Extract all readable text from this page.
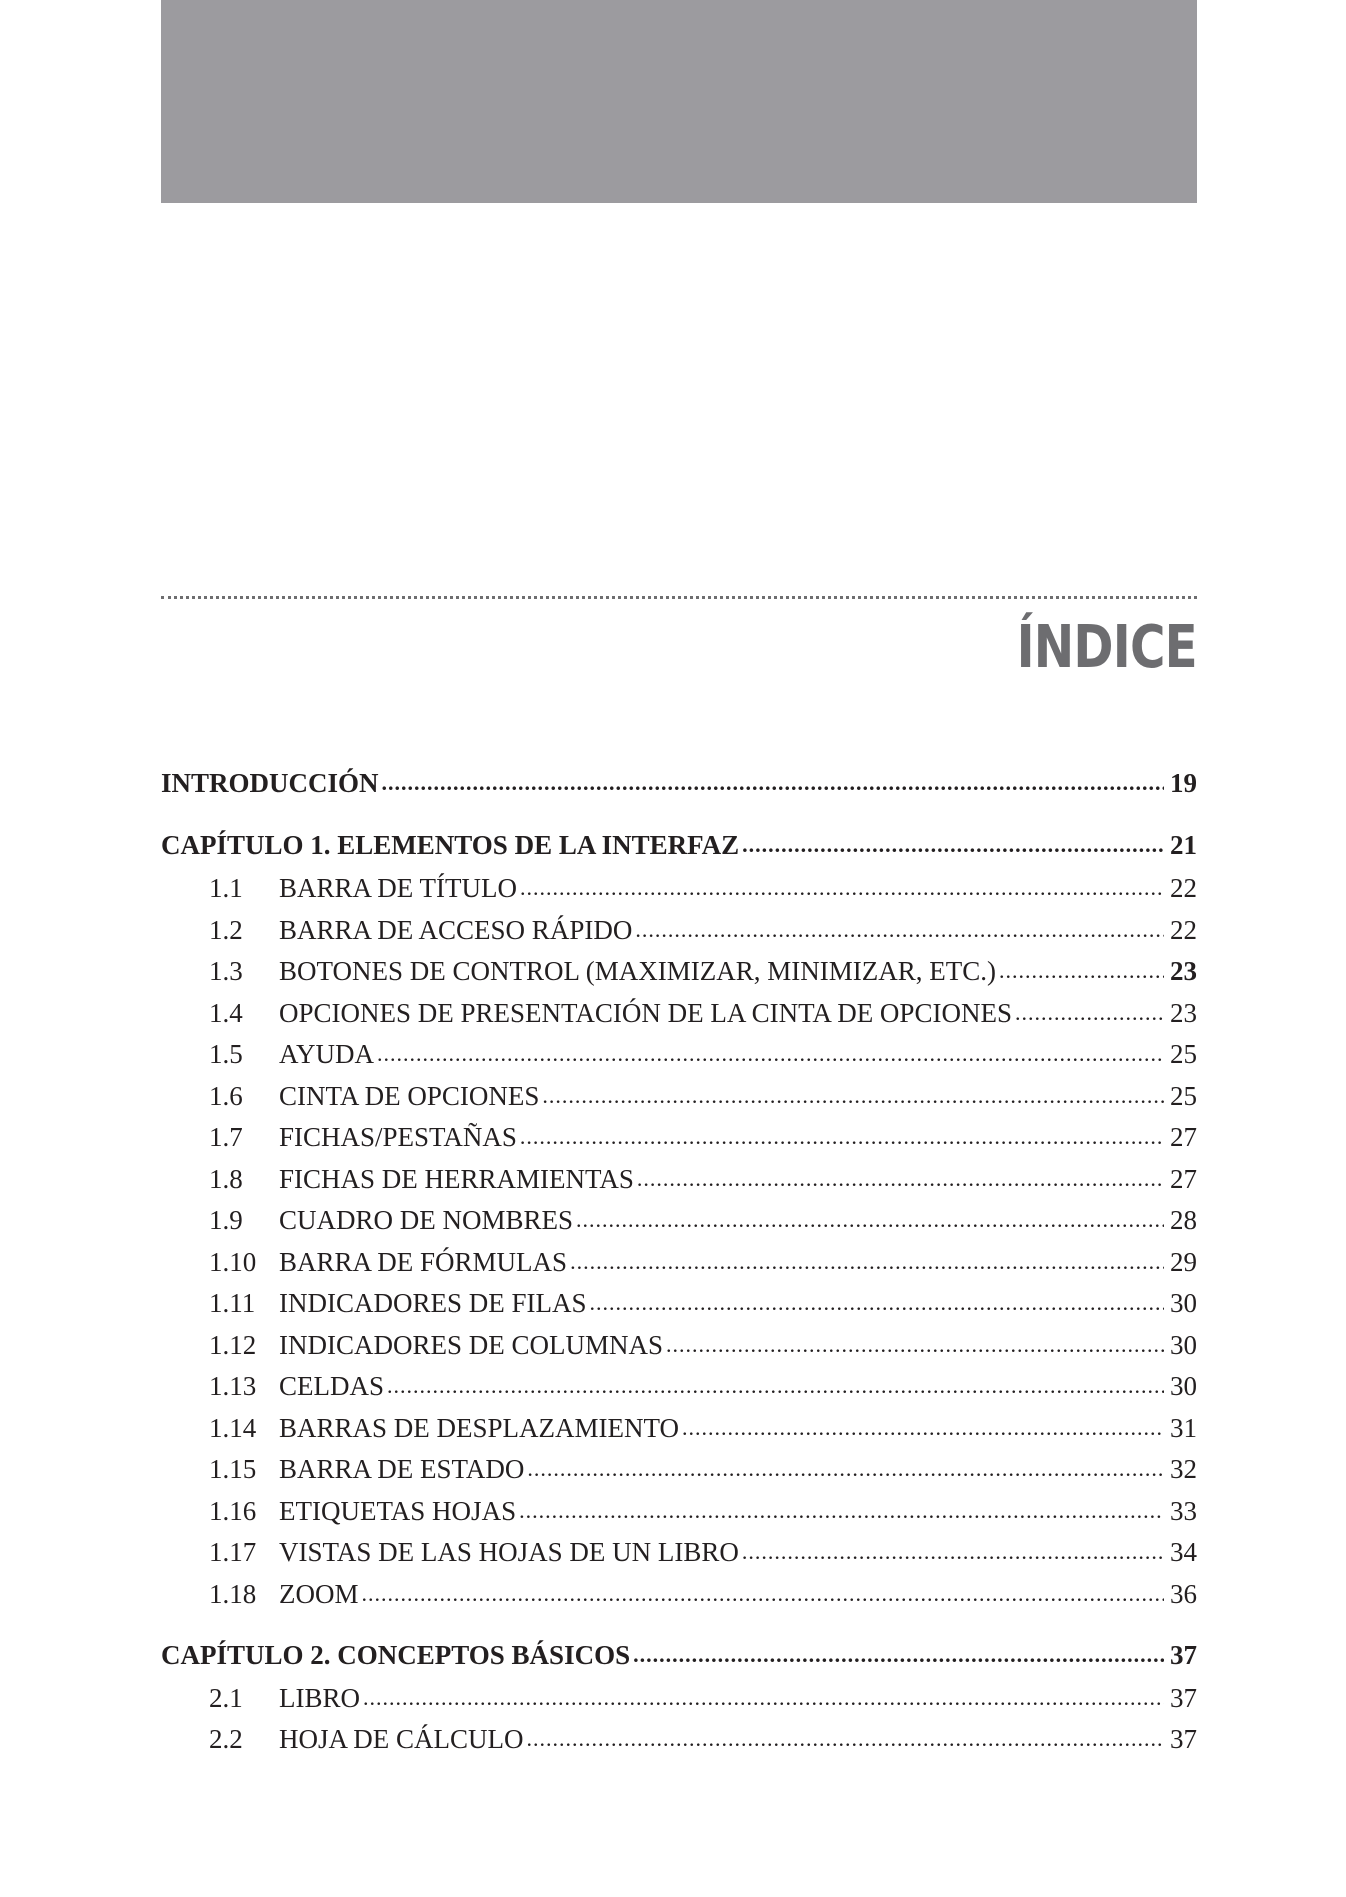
ÍNDICE
INTRODUCCIÓN .....	19
CAPÍTULO 1. ELEMENTOS DE LA INTERFAZ .....	21
1.1	BARRA DE TÍTULO .....	22
1.2	BARRA DE ACCESO RÁPIDO .....	22
1.3	BOTONES DE CONTROL (MAXIMIZAR, MINIMIZAR, ETC.) .....	23
1.4	OPCIONES DE PRESENTACIÓN DE LA CINTA DE OPCIONES .....	23
1.5	AYUDA .....	25
1.6	CINTA DE OPCIONES .....	25
1.7	FICHAS/PESTAÑAS .....	27
1.8	FICHAS DE HERRAMIENTAS .....	27
1.9	CUADRO DE NOMBRES .....	28
1.10 BARRA DE FÓRMULAS .....	29
1.11 INDICADORES DE FILAS .....	30
1.12 INDICADORES DE COLUMNAS .....	30
1.13 CELDAS .....	30
1.14 BARRAS DE DESPLAZAMIENTO .....	31
1.15 BARRA DE ESTADO .....	32
1.16 ETIQUETAS HOJAS .....	33
1.17 VISTAS DE LAS HOJAS DE UN LIBRO .....	34
1.18 ZOOM .....	36
CAPÍTULO 2. CONCEPTOS BÁSICOS .....	37
2.1	LIBRO .....	37
2.2	HOJA DE CÁLCULO .....	37
